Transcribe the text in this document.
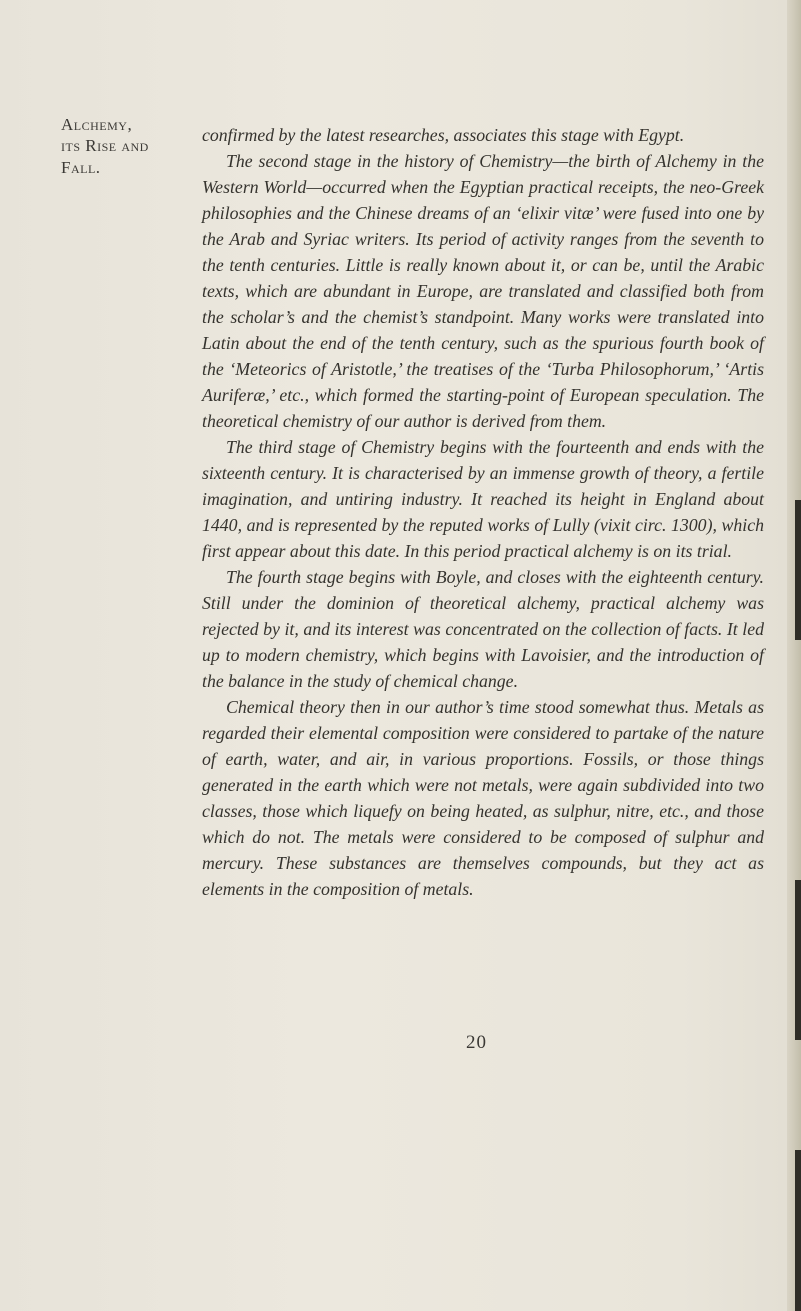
Alchemy,
its Rise and
Fall.

confirmed by the latest researches, associates this stage with Egypt.

The second stage in the history of Chemistry—the birth of Alchemy in the Western World—occurred when the Egyptian practical receipts, the neo-Greek philosophies and the Chinese dreams of an ‘elixir vitæ’ were fused into one by the Arab and Syriac writers. Its period of activity ranges from the seventh to the tenth centuries. Little is really known about it, or can be, until the Arabic texts, which are abundant in Europe, are translated and classified both from the scholar’s and the chemist’s standpoint. Many works were translated into Latin about the end of the tenth century, such as the spurious fourth book of the ‘Meteorics of Aristotle,’ the treatises of the ‘Turba Philosophorum,’ ‘Artis Auriferæ,’ etc., which formed the starting-point of European speculation. The theoretical chemistry of our author is derived from them.

The third stage of Chemistry begins with the fourteenth and ends with the sixteenth century. It is characterised by an immense growth of theory, a fertile imagination, and untiring industry. It reached its height in England about 1440, and is represented by the reputed works of Lully (vixit circ. 1300), which first appear about this date. In this period practical alchemy is on its trial.

The fourth stage begins with Boyle, and closes with the eighteenth century. Still under the dominion of theoretical alchemy, practical alchemy was rejected by it, and its interest was concentrated on the collection of facts. It led up to modern chemistry, which begins with Lavoisier, and the introduction of the balance in the study of chemical change.

Chemical theory then in our author’s time stood somewhat thus. Metals as regarded their elemental composition were considered to partake of the nature of earth, water, and air, in various proportions. Fossils, or those things generated in the earth which were not metals, were again subdivided into two classes, those which liquefy on being heated, as sulphur, nitre, etc., and those which do not. The metals were considered to be composed of sulphur and mercury. These substances are themselves compounds, but they act as elements in the composition of metals.

20
